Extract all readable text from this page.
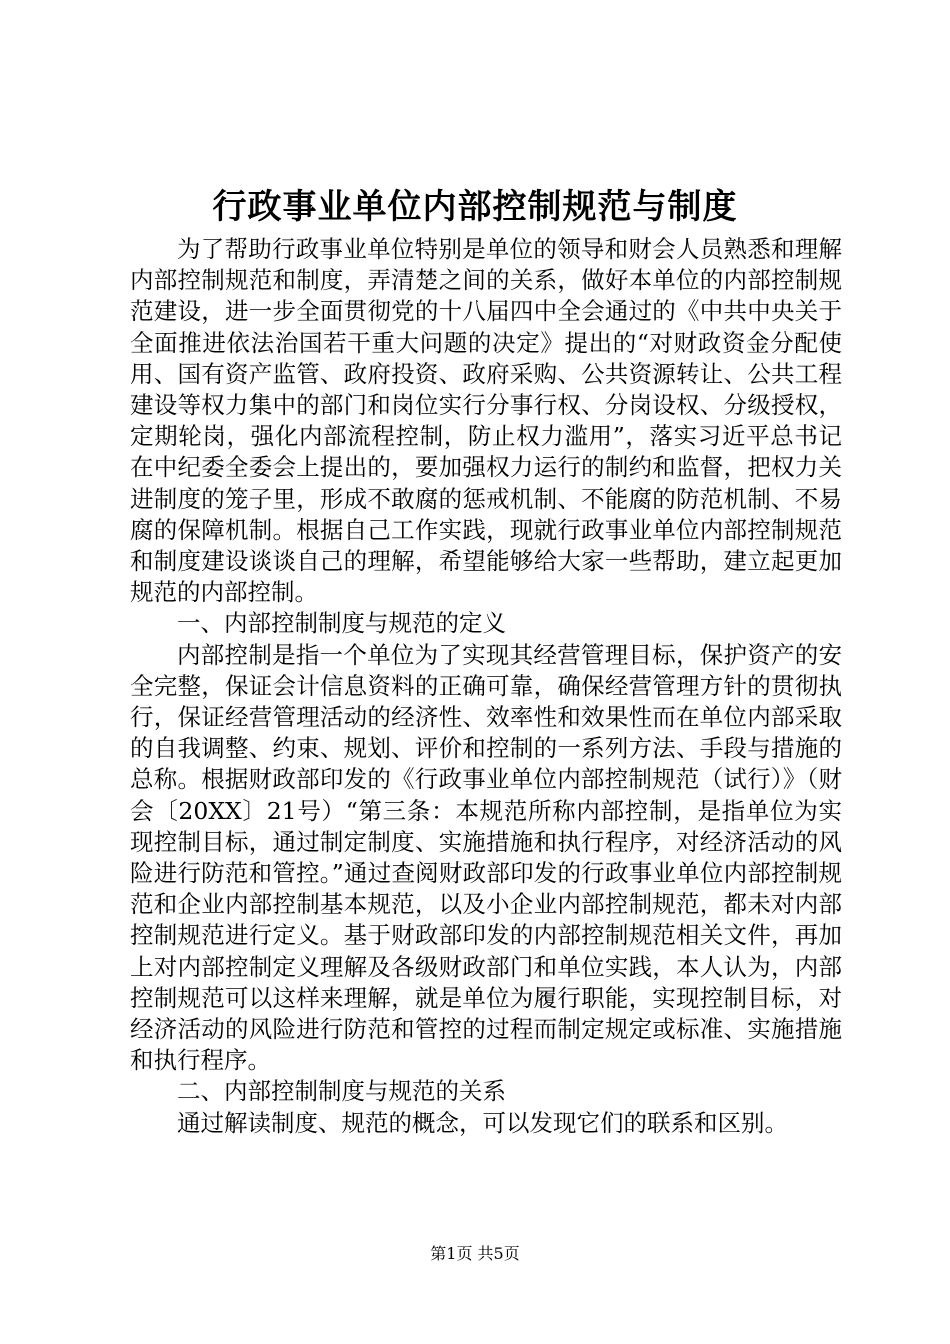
行政事业单位内部控制规范与制度

为了帮助行政事业单位特别是单位的领导和财会人员熟悉和理解内部控制规范和制度，弄清楚之间的关系，做好本单位的内部控制规范建设，进一步全面贯彻党的十八届四中全会通过的《中共中央关于全面推进依法治国若干重大问题的决定》提出的“对财政资金分配使用、国有资产监管、政府投资、政府采购、公共资源转让、公共工程建设等权力集中的部门和岗位实行分事行权、分岗设权、分级授权，定期轮岗，强化内部流程控制，防止权力滥用”，落实习近平总书记在中纪委全委会上提出的，要加强权力运行的制约和监督，把权力关进制度的笼子里，形成不敢腐的惩戒机制、不能腐的防范机制、不易腐的保障机制。根据自己工作实践，现就行政事业单位内部控制规范和制度建设谈谈自己的理解，希望能够给大家一些帮助，建立起更加规范的内部控制。

一、内部控制制度与规范的定义

内部控制是指一个单位为了实现其经营管理目标，保护资产的安全完整，保证会计信息资料的正确可靠，确保经营管理方针的贯彻执行，保证经营管理活动的经济性、效率性和效果性而在单位内部采取的自我调整、约束、规划、评价和控制的一系列方法、手段与措施的总称。根据财政部印发的《行政事业单位内部控制规范（试行）》（财会〔20XX〕21号）“第三条：本规范所称内部控制，是指单位为实现控制目标，通过制定制度、实施措施和执行程序，对经济活动的风险进行防范和管控。”通过查阅财政部印发的行政事业单位内部控制规范和企业内部控制基本规范，以及小企业内部控制规范，都未对内部控制规范进行定义。基于财政部印发的内部控制规范相关文件，再加上对内部控制定义理解及各级财政部门和单位实践，本人认为，内部控制规范可以这样来理解，就是单位为履行职能，实现控制目标，对经济活动的风险进行防范和管控的过程而制定规定或标准、实施措施和执行程序。

二、内部控制制度与规范的关系

通过解读制度、规范的概念，可以发现它们的联系和区别。

第1页 共5页
